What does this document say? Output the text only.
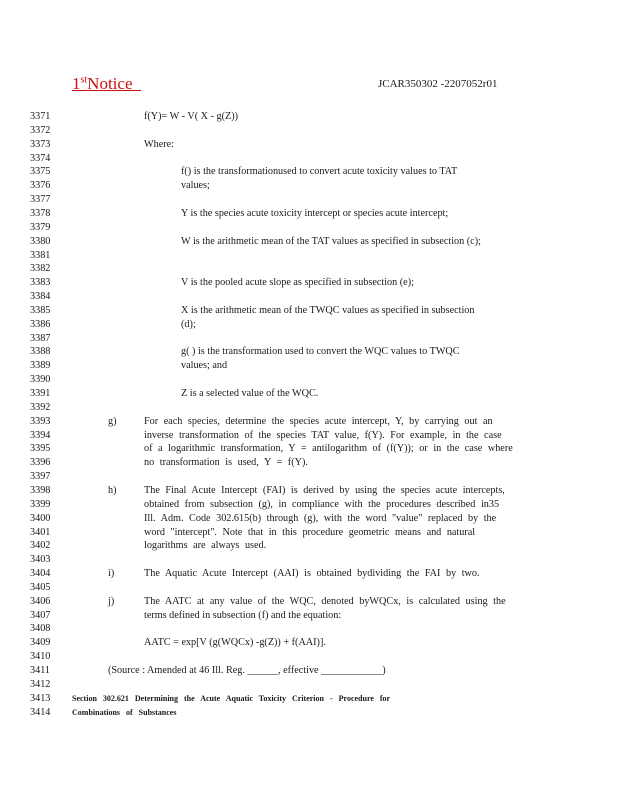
1stNotice	JCAR350302 -2207052r01
3371	f(Y)= W - V( X - g(Z))
3372
3373	Where:
3374
3375	f() is the transformationused to convert acute toxicity values to TAT
3376	values;
3377
3378	Y is the species acute toxicity intercept or species acute intercept;
3379
3380	W is the arithmetic mean of the TAT values as specified in subsection (c);
3381
3382
3383	V is the pooled acute slope as specified in subsection (e);
3384
3385	X is the arithmetic mean of the TWQC values as specified in subsection
3386	(d);
3387
3388	g( ) is the transformation used to convert the WQC values to TWQC
3389	values; and
3390
3391	Z is a selected value of the WQC.
3392
3393	g)	For each species, determine the species acute intercept, Y, by carrying out an
3394	inverse transformation of the species TAT value, f(Y). For example, in the case
3395	of a logarithmic transformation, Y = antilogarithm of (f(Y)); or in the case where
3396	no transformation is used, Y = f(Y).
3397
3398	h)	The Final Acute Intercept (FAI) is derived by using the species acute intercepts,
3399	obtained from subsection (g), in compliance with the procedures described in35
3400	Ill. Adm. Code 302.615(b) through (g), with the word "value" replaced by the
3401	word "intercept". Note that in this procedure geometric means and natural
3402	logarithms are always used.
3403
3404	i)	The Aquatic Acute Intercept (AAI) is obtained bydividing the FAI by two.
3405
3406	j)	The AATC at any value of the WQC, denoted byWQCx, is calculated using the
3407	terms defined in subsection (f) and the equation:
3408
3409	AATC = exp[V (g(WQCx) -g(Z)) + f(AAI)].
3410
3411	(Source : Amended at 46 Ill. Reg. ______, effective ____________)
3412
3413	Section 302.621 Determining the Acute Aquatic Toxicity Criterion - Procedure for
3414	Combinations of Substances
